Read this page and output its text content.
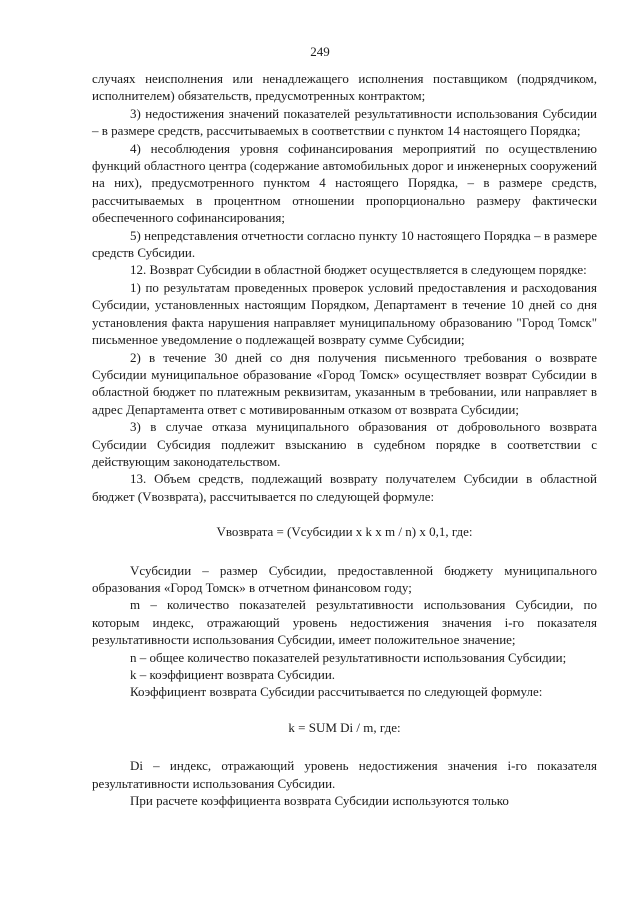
249

случаях неисполнения или ненадлежащего исполнения поставщиком (подрядчиком, исполнителем) обязательств, предусмотренных контрактом;

3) недостижения значений показателей результативности использования Субсидии – в размере средств, рассчитываемых в соответствии с пунктом 14 настоящего Порядка;

4) несоблюдения уровня софинансирования мероприятий по осуществлению функций областного центра (содержание автомобильных дорог и инженерных сооружений на них), предусмотренного пунктом 4 настоящего Порядка, – в размере средств, рассчитываемых в процентном отношении пропорционально размеру фактически обеспеченного софинансирования;

5) непредставления отчетности согласно пункту 10 настоящего Порядка – в размере средств Субсидии.

12. Возврат Субсидии в областной бюджет осуществляется в следующем порядке:

1) по результатам проведенных проверок условий предоставления и расходования Субсидии, установленных настоящим Порядком, Департамент в течение 10 дней со дня установления факта нарушения направляет муниципальному образованию "Город Томск" письменное уведомление о подлежащей возврату сумме Субсидии;

2) в течение 30 дней со дня получения письменного требования о возврате Субсидии муниципальное образование «Город Томск» осуществляет возврат Субсидии в областной бюджет по платежным реквизитам, указанным в требовании, или направляет в адрес Департамента ответ с мотивированным отказом от возврата Субсидии;

3) в случае отказа муниципального образования от добровольного возврата Субсидии Субсидия подлежит взысканию в судебном порядке в соответствии с действующим законодательством.

13. Объем средств, подлежащий возврату получателем Субсидии в областной бюджет (Vвозврата), рассчитывается по следующей формуле:

Vвозврата = (Vсубсидии x k x m / n) x 0,1, где:

Vсубсидии – размер Субсидии, предоставленной бюджету муниципального образования «Город Томск» в отчетном финансовом году;

m – количество показателей результативности использования Субсидии, по которым индекс, отражающий уровень недостижения значения i-го показателя результативности использования Субсидии, имеет положительное значение;

n – общее количество показателей результативности использования Субсидии;

k – коэффициент возврата Субсидии.

Коэффициент возврата Субсидии рассчитывается по следующей формуле:

k = SUM Di / m, где:

Di – индекс, отражающий уровень недостижения значения i-го показателя результативности использования Субсидии.

При расчете коэффициента возврата Субсидии используются только
